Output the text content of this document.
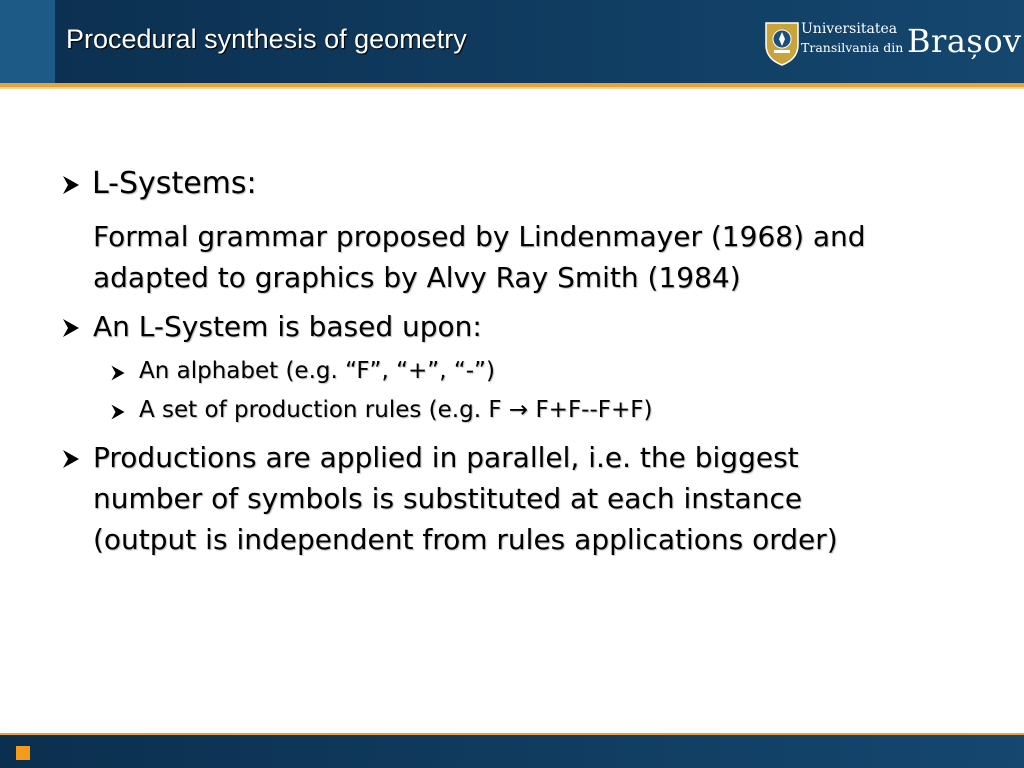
Procedural synthesis of geometry	Universitatea
Transilvania din Brașov
L-Systems:
Formal grammar proposed by Lindenmayer (1968) and
adapted to graphics by Alvy Ray Smith (1984)
An L-System is based upon:
An alphabet (e.g. “F”, “+”, “-”)
A set of production rules (e.g. F → F+F--F+F)
Productions are applied in parallel, i.e. the biggest
number of symbols is substituted at each instance
(output is independent from rules applications order)
